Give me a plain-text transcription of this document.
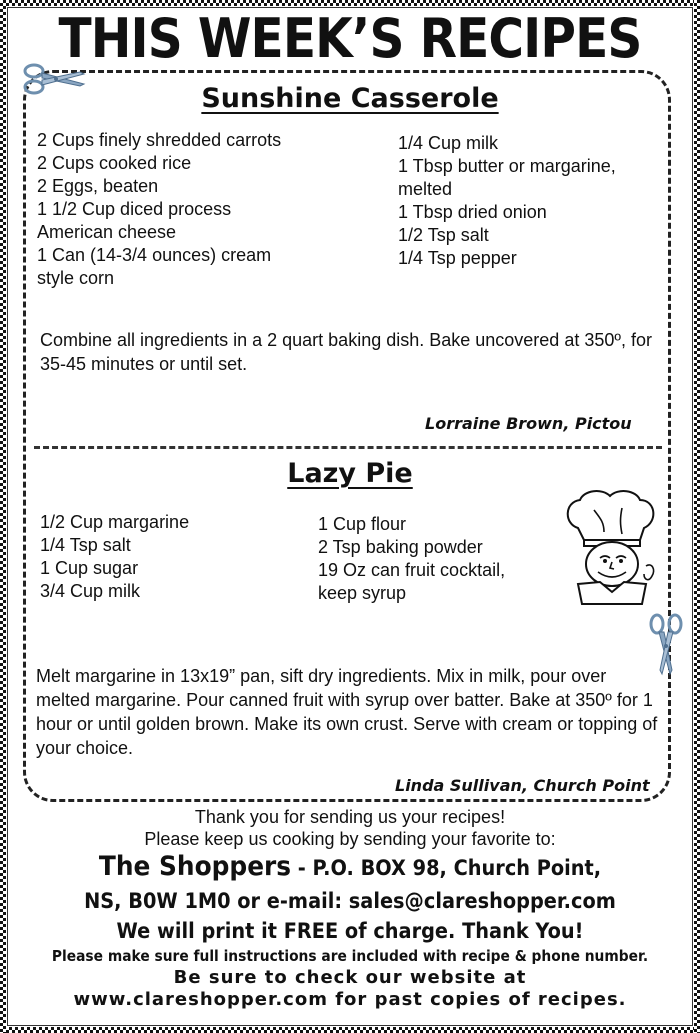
THIS WEEK’S RECIPES
Sunshine Casserole
2 Cups finely shredded carrots
2 Cups cooked rice
2 Eggs, beaten
1 1/2 Cup diced process
American cheese
1 Can (14-3/4 ounces) cream
style corn
1/4 Cup milk
1 Tbsp butter or margarine,
melted
1 Tbsp dried onion
1/2 Tsp salt
1/4 Tsp pepper
Combine all ingredients in a 2 quart baking dish. Bake uncovered at 350º, for 35-45 minutes or until set.
Lorraine Brown, Pictou
Lazy Pie
1/2 Cup margarine
1/4 Tsp salt
1 Cup sugar
3/4 Cup milk
1 Cup flour
2 Tsp baking powder
19 Oz can fruit cocktail,
keep syrup
Melt margarine in 13x19” pan, sift dry ingredients. Mix in milk, pour over melted margarine. Pour canned fruit with syrup over batter. Bake at 350º for 1 hour or until golden brown. Make its own crust. Serve with cream or topping of your choice.
Linda Sullivan, Church Point
Thank you for sending us your recipes!
Please keep us cooking by sending your favorite to:
The Shoppers - P.O. BOX 98, Church Point,
NS, B0W 1M0 or e-mail: sales@clareshopper.com
We will print it FREE of charge. Thank You!
Please make sure full instructions are included with recipe & phone number.
Be sure to check our website at
www.clareshopper.com for past copies of recipes.
